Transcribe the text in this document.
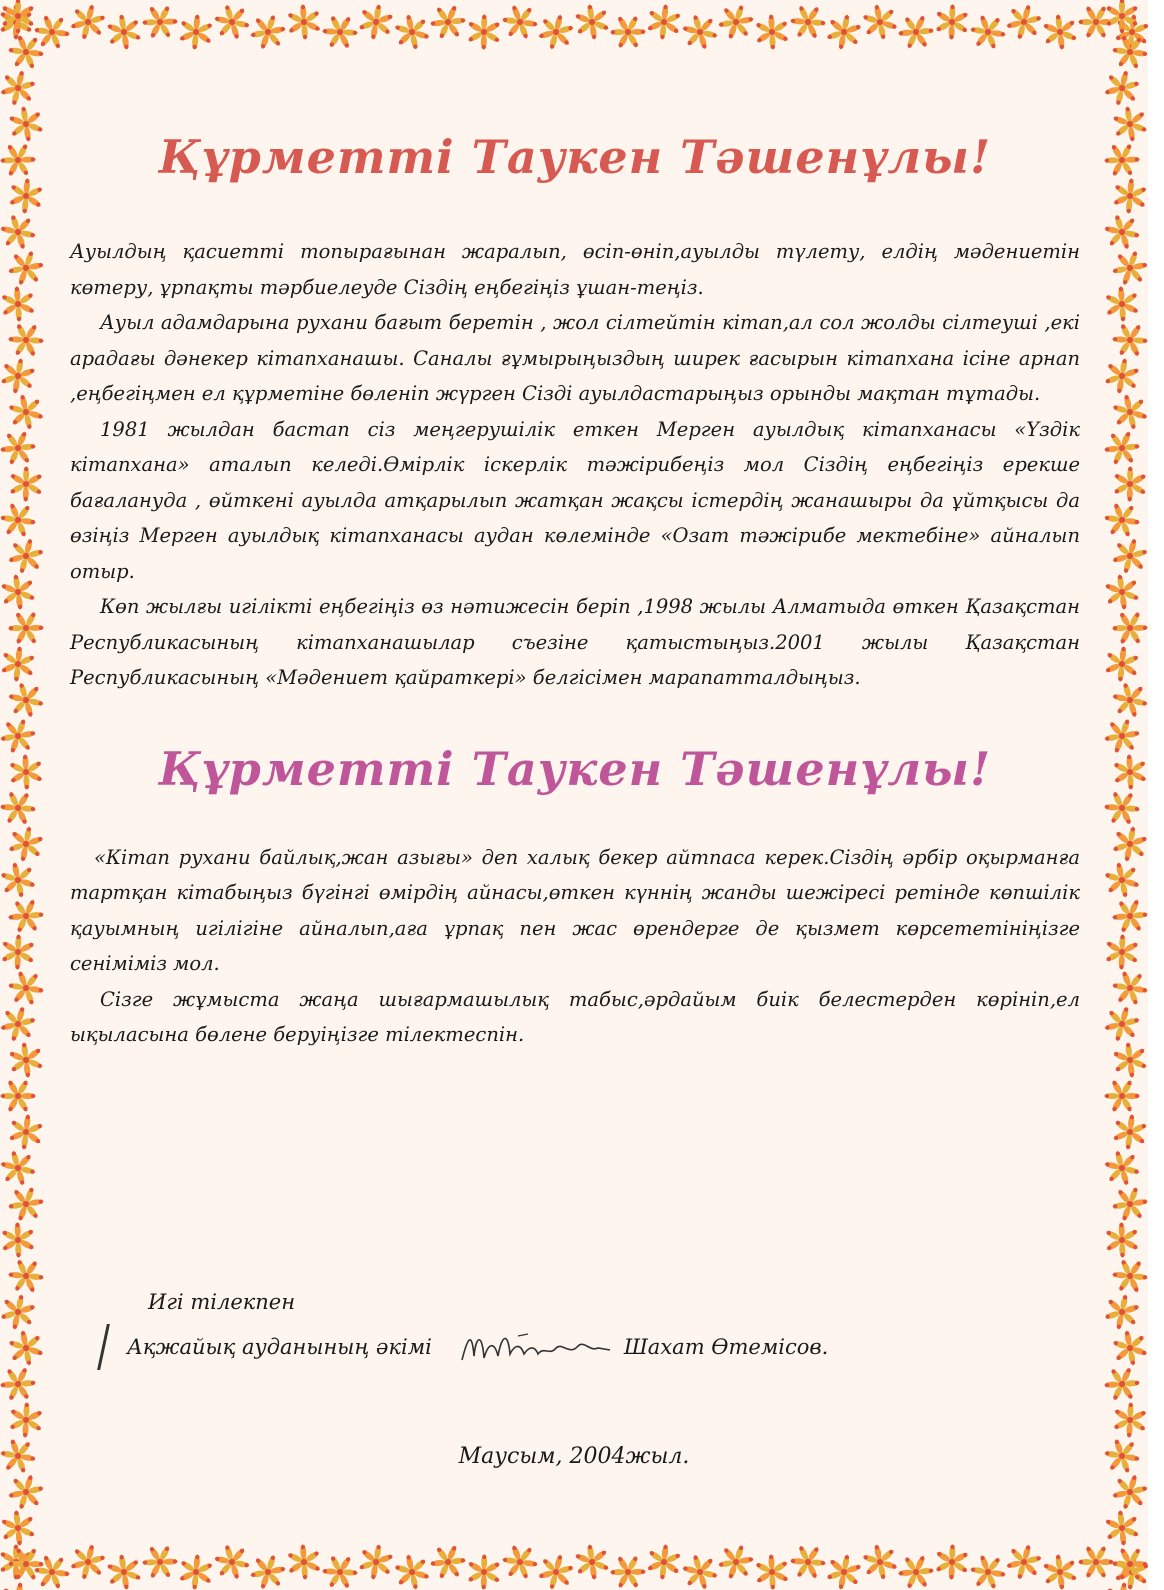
Құрметті Таукен Тәшенұлы!

Ауылдың қасиетті топырағынан жаралып, өсіп-өніп,ауылды түлету, елдің мәдениетін көтеру, ұрпақты тәрбиелеуде Сіздің еңбегіңіз ұшан-теңіз.

Ауыл адамдарына рухани бағыт беретін , жол сілтейтін кітап,ал сол жолды сілтеуші ,екі арадағы дәнекер кітапханашы. Саналы ғұмырыңыздың ширек ғасырын кітапхана ісіне арнап ,еңбегіңмен ел құрметіне бөленіп жүрген Сізді ауылдастарыңыз орынды мақтан тұтады.

1981 жылдан бастап сіз меңгерушілік еткен Мерген ауылдық кітапханасы «Үздік кітапхана» аталып келеді.Өмірлік іскерлік тәжірибеңіз мол Сіздің еңбегіңіз ерекше бағалануда , өйткені ауылда атқарылып жатқан жақсы істердің жанашыры да ұйтқысы да өзіңіз Мерген ауылдық кітапханасы аудан көлемінде «Озат тәжірибе мектебіне» айналып отыр.

Көп жылғы игілікті еңбегіңіз өз нәтижесін беріп ,1998 жылы Алматыда өткен Қазақстан Республикасының кітапханашылар съезіне қатыстыңыз.2001 жылы Қазақстан Республикасының «Мәдениет қайраткері» белгісімен марапатталдыңыз.

Құрметті Таукен Тәшенұлы!

«Кітап рухани байлық,жан азығы» деп халық бекер айтпаса керек.Сіздің әрбір оқырманға тартқан кітабыңыз бүгінгі өмірдің айнасы,өткен күннің жанды шежіресі ретінде көпшілік қауымның игілігіне айналып,аға ұрпақ пен жас өрендерге де қызмет көрсететініңізге сеніміміз мол.

Сізге жұмыста жаңа шығармашылық табыс,әрдайым биік белестерден көрініп,ел ықыласына бөлене беруіңізге тілектеспін.

Игі тілекпен
Ақжайық ауданының әкімі	Шахат Өтемісов.
Маусым, 2004жыл.
